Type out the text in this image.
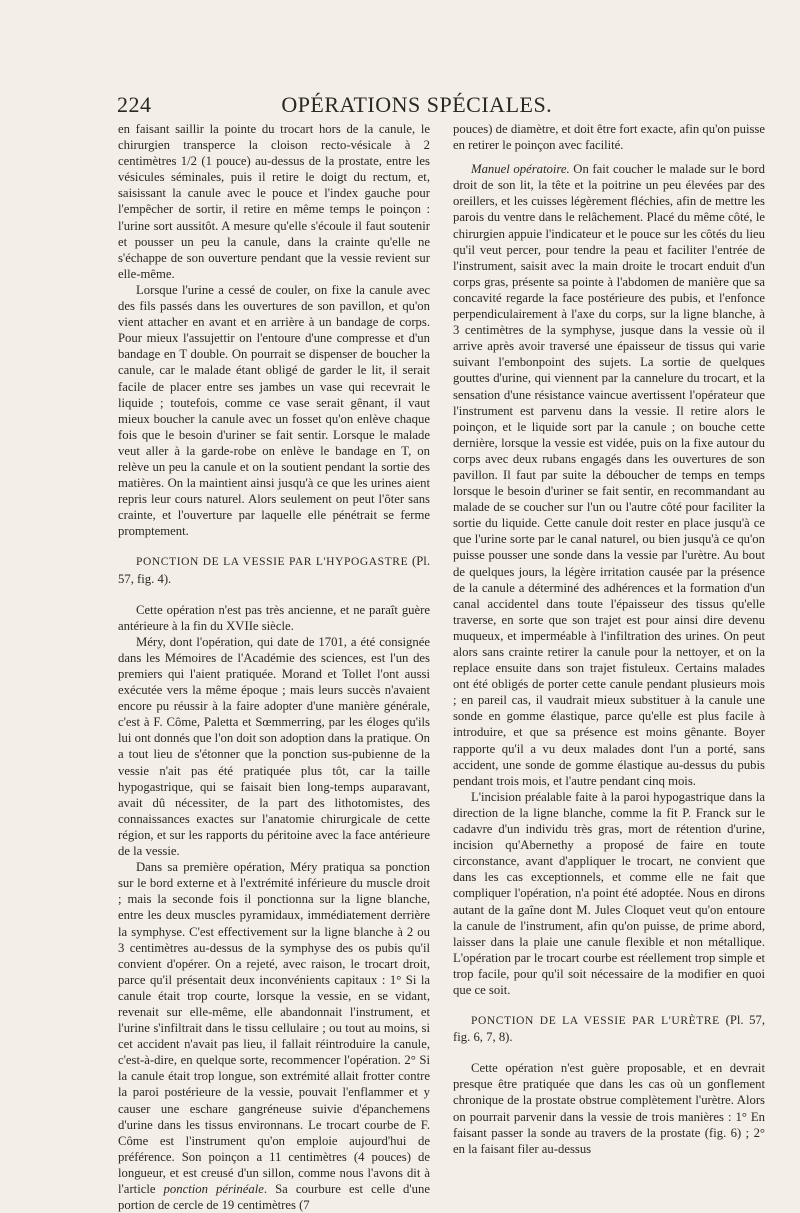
224	OPÉRATIONS SPÉCIALES.

en faisant saillir la pointe du trocart hors de la canule, le chirurgien transperce la cloison recto-vésicale à 2 centimètres 1/2 (1 pouce) au-dessus de la prostate, entre les vésicules séminales, puis il retire le doigt du rectum, et, saisissant la canule avec le pouce et l'index gauche pour l'empêcher de sortir, il retire en même temps le poinçon : l'urine sort aussitôt. A mesure qu'elle s'écoule il faut soutenir et pousser un peu la canule, dans la crainte qu'elle ne s'échappe de son ouverture pendant que la vessie revient sur elle-même.

Lorsque l'urine a cessé de couler, on fixe la canule avec des fils passés dans les ouvertures de son pavillon, et qu'on vient attacher en avant et en arrière à un bandage de corps. Pour mieux l'assujettir on l'entoure d'une compresse et d'un bandage en T double. On pourrait se dispenser de boucher la canule, car le malade étant obligé de garder le lit, il serait facile de placer entre ses jambes un vase qui recevrait le liquide ; toutefois, comme ce vase serait gênant, il vaut mieux boucher la canule avec un fosset qu'on enlève chaque fois que le besoin d'uriner se fait sentir. Lorsque le malade veut aller à la garde-robe on enlève le bandage en T, on relève un peu la canule et on la soutient pendant la sortie des matières. On la maintient ainsi jusqu'à ce que les urines aient repris leur cours naturel. Alors seulement on peut l'ôter sans crainte, et l'ouverture par laquelle elle pénétrait se ferme promptement.

PONCTION DE LA VESSIE PAR L'HYPOGASTRE (Pl. 57, fig. 4).

Cette opération n'est pas très ancienne, et ne paraît guère antérieure à la fin du XVIIe siècle.

Méry, dont l'opération, qui date de 1701, a été consignée dans les Mémoires de l'Académie des sciences, est l'un des premiers qui l'aient pratiquée. Morand et Tollet l'ont aussi exécutée vers la même époque ; mais leurs succès n'avaient encore pu réussir à la faire adopter d'une manière générale, c'est à F. Côme, Paletta et Sœmmerring, par les éloges qu'ils lui ont donnés que l'on doit son adoption dans la pratique. On a tout lieu de s'étonner que la ponction sus-pubienne de la vessie n'ait pas été pratiquée plus tôt, car la taille hypogastrique, qui se faisait bien long-temps auparavant, avait dû nécessiter, de la part des lithotomistes, des connaissances exactes sur l'anatomie chirurgicale de cette région, et sur les rapports du péritoine avec la face antérieure de la vessie.

Dans sa première opération, Méry pratiqua sa ponction sur le bord externe et à l'extrémité inférieure du muscle droit ; mais la seconde fois il ponctionna sur la ligne blanche, entre les deux muscles pyramidaux, immédiatement derrière la symphyse. C'est effectivement sur la ligne blanche à 2 ou 3 centimètres au-dessus de la symphyse des os pubis qu'il convient d'opérer. On a rejeté, avec raison, le trocart droit, parce qu'il présentait deux inconvénients capitaux : 1° Si la canule était trop courte, lorsque la vessie, en se vidant, revenait sur elle-même, elle abandonnait l'instrument, et l'urine s'infiltrait dans le tissu cellulaire ; ou tout au moins, si cet accident n'avait pas lieu, il fallait réintroduire la canule, c'est-à-dire, en quelque sorte, recommencer l'opération. 2° Si la canule était trop longue, son extrémité allait frotter contre la paroi postérieure de la vessie, pouvait l'enflammer et y causer une eschare gangréneuse suivie d'épanchemens d'urine dans les tissus environnans. Le trocart courbe de F. Côme est l'instrument qu'on emploie aujourd'hui de préférence. Son poinçon a 11 centimètres (4 pouces) de longueur, et est creusé d'un sillon, comme nous l'avons dit à l'article ponction périnéale. Sa courbure est celle d'une portion de cercle de 19 centimètres (7

pouces) de diamètre, et doit être fort exacte, afin qu'on puisse en retirer le poinçon avec facilité.

Manuel opératoire. On fait coucher le malade sur le bord droit de son lit, la tête et la poitrine un peu élevées par des oreillers, et les cuisses légèrement fléchies, afin de mettre les parois du ventre dans le relâchement. Placé du même côté, le chirurgien appuie l'indicateur et le pouce sur les côtés du lieu qu'il veut percer, pour tendre la peau et faciliter l'entrée de l'instrument, saisit avec la main droite le trocart enduit d'un corps gras, présente sa pointe à l'abdomen de manière que sa concavité regarde la face postérieure des pubis, et l'enfonce perpendiculairement à l'axe du corps, sur la ligne blanche, à 3 centimètres de la symphyse, jusque dans la vessie où il arrive après avoir traversé une épaisseur de tissus qui varie suivant l'embonpoint des sujets. La sortie de quelques gouttes d'urine, qui viennent par la cannelure du trocart, et la sensation d'une résistance vaincue avertissent l'opérateur que l'instrument est parvenu dans la vessie. Il retire alors le poinçon, et le liquide sort par la canule ; on bouche cette dernière, lorsque la vessie est vidée, puis on la fixe autour du corps avec deux rubans engagés dans les ouvertures de son pavillon. Il faut par suite la déboucher de temps en temps lorsque le besoin d'uriner se fait sentir, en recommandant au malade de se coucher sur l'un ou l'autre côté pour faciliter la sortie du liquide. Cette canule doit rester en place jusqu'à ce que l'urine sorte par le canal naturel, ou bien jusqu'à ce qu'on puisse pousser une sonde dans la vessie par l'urètre. Au bout de quelques jours, la légère irritation causée par la présence de la canule a déterminé des adhérences et la formation d'un canal accidentel dans toute l'épaisseur des tissus qu'elle traverse, en sorte que son trajet est pour ainsi dire devenu muqueux, et imperméable à l'infiltration des urines. On peut alors sans crainte retirer la canule pour la nettoyer, et on la replace ensuite dans son trajet fistuleux. Certains malades ont été obligés de porter cette canule pendant plusieurs mois ; en pareil cas, il vaudrait mieux substituer à la canule une sonde en gomme élastique, parce qu'elle est plus facile à introduire, et que sa présence est moins gênante. Boyer rapporte qu'il a vu deux malades dont l'un a porté, sans accident, une sonde de gomme élastique au-dessus du pubis pendant trois mois, et l'autre pendant cinq mois.

L'incision préalable faite à la paroi hypogastrique dans la direction de la ligne blanche, comme la fit P. Franck sur le cadavre d'un individu très gras, mort de rétention d'urine, incision qu'Abernethy a proposé de faire en toute circonstance, avant d'appliquer le trocart, ne convient que dans les cas exceptionnels, et comme elle ne fait que compliquer l'opération, n'a point été adoptée. Nous en dirons autant de la gaîne dont M. Jules Cloquet veut qu'on entoure la canule de l'instrument, afin qu'on puisse, de prime abord, laisser dans la plaie une canule flexible et non métallique. L'opération par le trocart courbe est réellement trop simple et trop facile, pour qu'il soit nécessaire de la modifier en quoi que ce soit.

PONCTION DE LA VESSIE PAR L'URÈTRE (Pl. 57, fig. 6, 7, 8).

Cette opération n'est guère proposable, et en devrait presque être pratiquée que dans les cas où un gonflement chronique de la prostate obstrue complètement l'urètre. Alors on pourrait parvenir dans la vessie de trois manières : 1° En faisant passer la sonde au travers de la prostate (fig. 6) ; 2° en la faisant filer au-dessus
